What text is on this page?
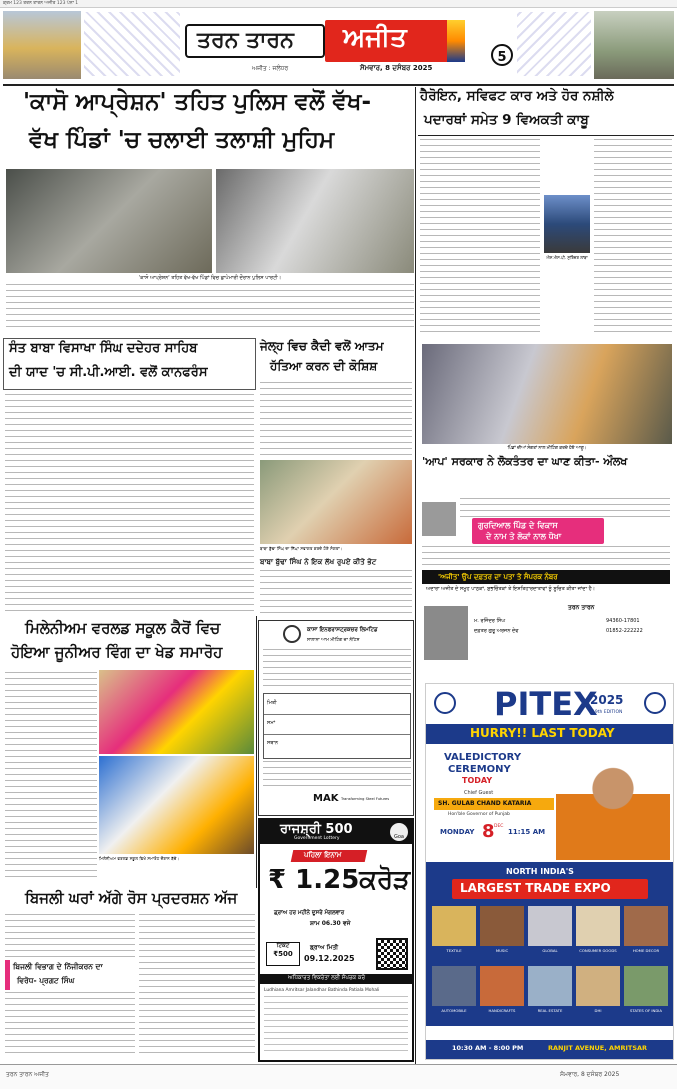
ਕ੍ਰਮ 123 ਤਰਨ ਤਾਰਨ ਅਜੀਤ 123 ਪੰਨਾ 1
ਤਰਨ ਤਾਰਨ ਅਜੀਤ
ਅਜੀਤ : ਜਲੰਧਰ	ਸੋਮਵਾਰ, 8 ਦਸੰਬਰ 2025
5
'ਕਾਸੋ ਆਪ੍ਰੇਸ਼ਨ' ਤਹਿਤ ਪੁਲਿਸ ਵਲੋਂ ਵੱਖ-
ਵੱਖ ਪਿੰਡਾਂ 'ਚ ਚਲਾਈ ਤਲਾਸ਼ੀ ਮੁਹਿਮ
'ਕਾਸੋ ਆਪ੍ਰੇਸ਼ਨ' ਤਹਿਤ ਵੱਖ-ਵੱਖ ਪਿੰਡਾਂ ਵਿਚ ਛਾਪੇਮਾਰੀ ਦੌਰਾਨ ਪੁਲਿਸ ਪਾਰਟੀ।
ਹੈਰੋਇਨ, ਸਵਿਫਟ ਕਾਰ ਅਤੇ ਹੋਰ ਨਸ਼ੀਲੇ
ਪਦਾਰਥਾਂ ਸਮੇਤ 9 ਵਿਅਕਤੀ ਕਾਬੂ
ਐਸ.ਐਸ.ਪੀ. ਸੁਰਿੰਦਰ ਲਾਂਬਾ
ਸੰਤ ਬਾਬਾ ਵਿਸਾਖਾ ਸਿੰਘ ਦਦੇਹਰ ਸਾਹਿਬ
ਦੀ ਯਾਦ 'ਚ ਸੀ.ਪੀ.ਆਈ. ਵਲੋਂ ਕਾਨਫਰੰਸ
ਜੇਲ੍ਹ ਵਿਚ ਕੈਦੀ ਵਲੋਂ ਆਤਮ
ਹੱਤਿਆ ਕਰਨ ਦੀ ਕੋਸ਼ਿਸ਼
ਬਾਬਾ ਬੁੱਢਾ ਸਿੰਘ ਦਾ ਨਿੱਘਾ ਸਵਾਗਤ ਕਰਦੇ ਹੋਏ ਸੰਗਤਾਂ।
ਬਾਬਾ ਬੁੱਢਾ ਸਿੰਘ ਨੇ ਇਕ ਲੱਖ ਰੁਪਏ ਕੀਤੇ ਭੇਟ
ਪਿੰਡਾਂ ਦੀਆਂ ਸੰਗਤਾਂ ਨਾਲ ਮੀਟਿੰਗ ਕਰਦੇ ਹੋਏ ਆਗੂ।
'ਆਪ' ਸਰਕਾਰ ਨੇ ਲੋਕਤੰਤਰ ਦਾ ਘਾਣ ਕੀਤਾ- ਔਲਖ
ਗੁਰਦਿਆਲ ਪਿੰਡ ਦੇ ਵਿਕਾਸ
ਦੇ ਨਾਮ ਤੇ ਲੋਕਾਂ ਨਾਲ ਧੋਖਾ
'ਅਜੀਤ' ਉਪ ਦਫ਼ਤਰ ਦਾ ਪਤਾ ਤੇ ਸੰਪਰਕ ਨੰਬਰ
ਅਦਾਰਾ ਅਜੀਤ ਦੇ ਸਮੂਹ ਪਾਠਕਾਂ, ਸ਼ੁਭਚਿੰਤਕਾਂ ਤੇ ਇਸ਼ਤਿਹਾਰਦਾਤਾਵਾਂ ਨੂੰ ਸੂਚਿਤ ਕੀਤਾ ਜਾਂਦਾ ਹੈ।
ਤਰਨ ਤਾਰਨ
ਮ. ਰਜਿੰਦਰ ਸਿੰਘ	94360-17801
ਦਫ਼ਤਰ ਗੁਰੂ ਅਰਜਨ ਦੇਵ	01852-222222
ਮਿਲੇਨੀਅਮ ਵਰਲਡ ਸਕੂਲ ਕੈਰੋਂ ਵਿਚ
ਹੋਇਆ ਜੂਨੀਅਰ ਵਿੰਗ ਦਾ ਖੇਡ ਸਮਾਰੋਹ
ਮਿਲੇਨੀਅਮ ਵਰਲਡ ਸਕੂਲ ਵਿਖੇ ਸਮਾਰੋਹ ਦੌਰਾਨ ਬੱਚੇ।
ਬਿਜਲੀ ਘਰਾਂ ਅੱਗੇ ਰੋਸ ਪ੍ਰਦਰਸ਼ਨ ਅੱਜ
ਬਿਜਲੀ ਵਿਭਾਗ ਦੇ ਨਿੱਜੀਕਰਨ ਦਾ
ਵਿਰੋਧ- ਪ੍ਰਗਟ ਸਿੰਘ
ਕਾਸਾ ਇਨਫਰਾਸਟ੍ਰਕਚਰ ਲਿਮਟਿਡ
ਸਾਲਾਨਾ ਆਮ ਮੀਟਿੰਗ ਦਾ ਨੋਟਿਸ
ਮਿਤੀ
ਸਮਾਂ
ਸਥਾਨ
MAK Transforming Steel Futures
ਰਾਜਸ਼੍ਰੀ 500
Government Lottery	Goa
ਪਹਿਲਾ ਇਨਾਮ
₹ 1.25ਕਰੋੜ
ਡ੍ਰਾਅ ਹਰ ਮਹੀਨੇ ਦੂਸਰੇ ਮੰਗਲਵਾਰ
ਸ਼ਾਮ 06.30 ਵਜੇ
ਟਿਕਟ
₹500
ਡ੍ਰਾਅ ਮਿਤੀ
09.12.2025
ਅਧਿਕਾਰਤ ਵਿਕਰੇਤਾ ਲਈ ਸੰਪਰਕ ਕਰੋ
Ludhiana Amritsar Jalandhar Bathinda Patiala Mohali
PITEX
2025
19th EDITION
HURRY!! LAST TODAY
VALEDICTORY
CEREMONY
TODAY
Chief Guest
SH. GULAB CHAND KATARIA
Hon'ble Governor of Punjab
MONDAY 8 DEC
11:15 AM
NORTH INDIA'S
LARGEST TRADE EXPO
TEXTILE	MUSIC	GLOBAL	CONSUMER GOODS	HOME DECOR
AUTOMOBILE	HANDICRAFTS	REAL ESTATE	DHI	STATES OF INDIA
10:30 AM - 8:00 PM	RANJIT AVENUE, AMRITSAR
ਤਰਨ ਤਾਰਨ ਅਜੀਤ	ਸੋਮਵਾਰ, 8 ਦਸੰਬਰ 2025
